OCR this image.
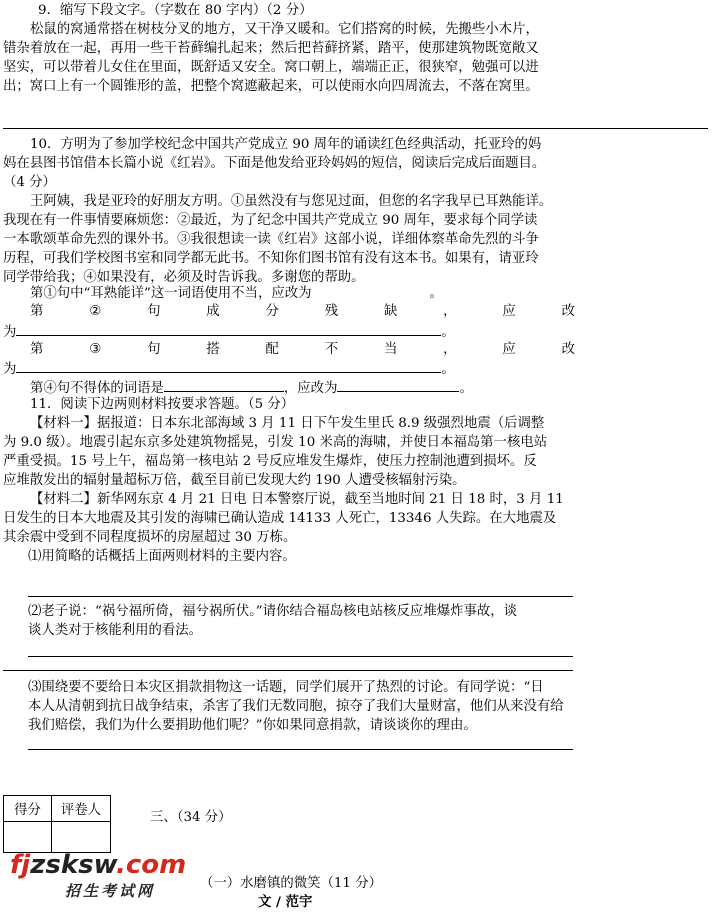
9．缩写下段文字。（字数在 80 字内）（2 分）
松鼠的窝通常搭在树枝分叉的地方，又干净又暖和。它们搭窝的时候，先搬些小木片，
错杂着放在一起，再用一些干苔藓编扎起来；然后把苔藓挤紧，踏平，使那建筑物既宽敞又
坚实，可以带着儿女住在里面，既舒适又安全。窝口朝上，端端正正，很狭窄，勉强可以进
出；窝口上有一个圆锥形的盖，把整个窝遮蔽起来，可以使雨水向四周流去，不落在窝里。
10．方明为了参加学校纪念中国共产党成立 90 周年的诵读红色经典活动，托亚玲的妈
妈在县图书馆借本长篇小说《红岩》。下面是他发给亚玲妈妈的短信，阅读后完成后面题目。
（4 分）
王阿姨，我是亚玲的好朋友方明。①虽然没有与您见过面，但您的名字我早已耳熟能详。
我现在有一件事情要麻烦您：②最近，为了纪念中国共产党成立 90 周年，要求每个同学读
一本歌颂革命先烈的课外书。③我很想读一读《红岩》这部小说，详细体察革命先烈的斗争
历程，可我们学校图书室和同学都无此书。不知你们图书馆有没有这本书。如果有，请亚玲
同学带给我；④如果没有，必须及时告诉我。多谢您的帮助。
第①句中“耳熟能详”这一词语使用不当，应改为	。
第	②	句	成	分	残	缺	，	应	改
为	。
第	③	句	搭	配	不	当	，	应	改
为	。
第④句不得体的词语是	，应改为	。
11．阅读下边两则材料按要求答题。（5 分）
【材料一】据报道：日本东北部海域 3 月 11 日下午发生里氏 8.9 级强烈地震（后调整
为 9.0 级）。地震引起东京多处建筑物摇晃，引发 10 米高的海啸，并使日本福岛第一核电站
严重受损。15 号上午，福岛第一核电站 2 号反应堆发生爆炸，使压力控制池遭到损坏。反
应堆散发出的辐射量超标万倍，截至目前已发现大约 190 人遭受核辐射污染。
【材料二】新华网东京 4 月 21 日电 日本警察厅说，截至当地时间 21 日 18 时，3 月 11
日发生的日本大地震及其引发的海啸已确认造成 14133 人死亡，13346 人失踪。在大地震及
其余震中受到不同程度损坏的房屋超过 30 万栋。
⑴用简略的话概括上面两则材料的主要内容。
⑵老子说：“祸兮福所倚，福兮祸所伏。”请你结合福岛核电站核反应堆爆炸事故，谈
谈人类对于核能利用的看法。
⑶围绕要不要给日本灾区捐款捐物这一话题，同学们展开了热烈的讨论。有同学说：“日
本人从清朝到抗日战争结束，杀害了我们无数同胞，掠夺了我们大量财富，他们从来没有给
我们赔偿，我们为什么要捐助他们呢？”你如果同意捐款，请谈谈你的理由。
得分	评卷人
		三、（34 分）
fjzsksw.com
招生考试网	（一）水磨镇的微笑（11 分）
文 / 范宇
